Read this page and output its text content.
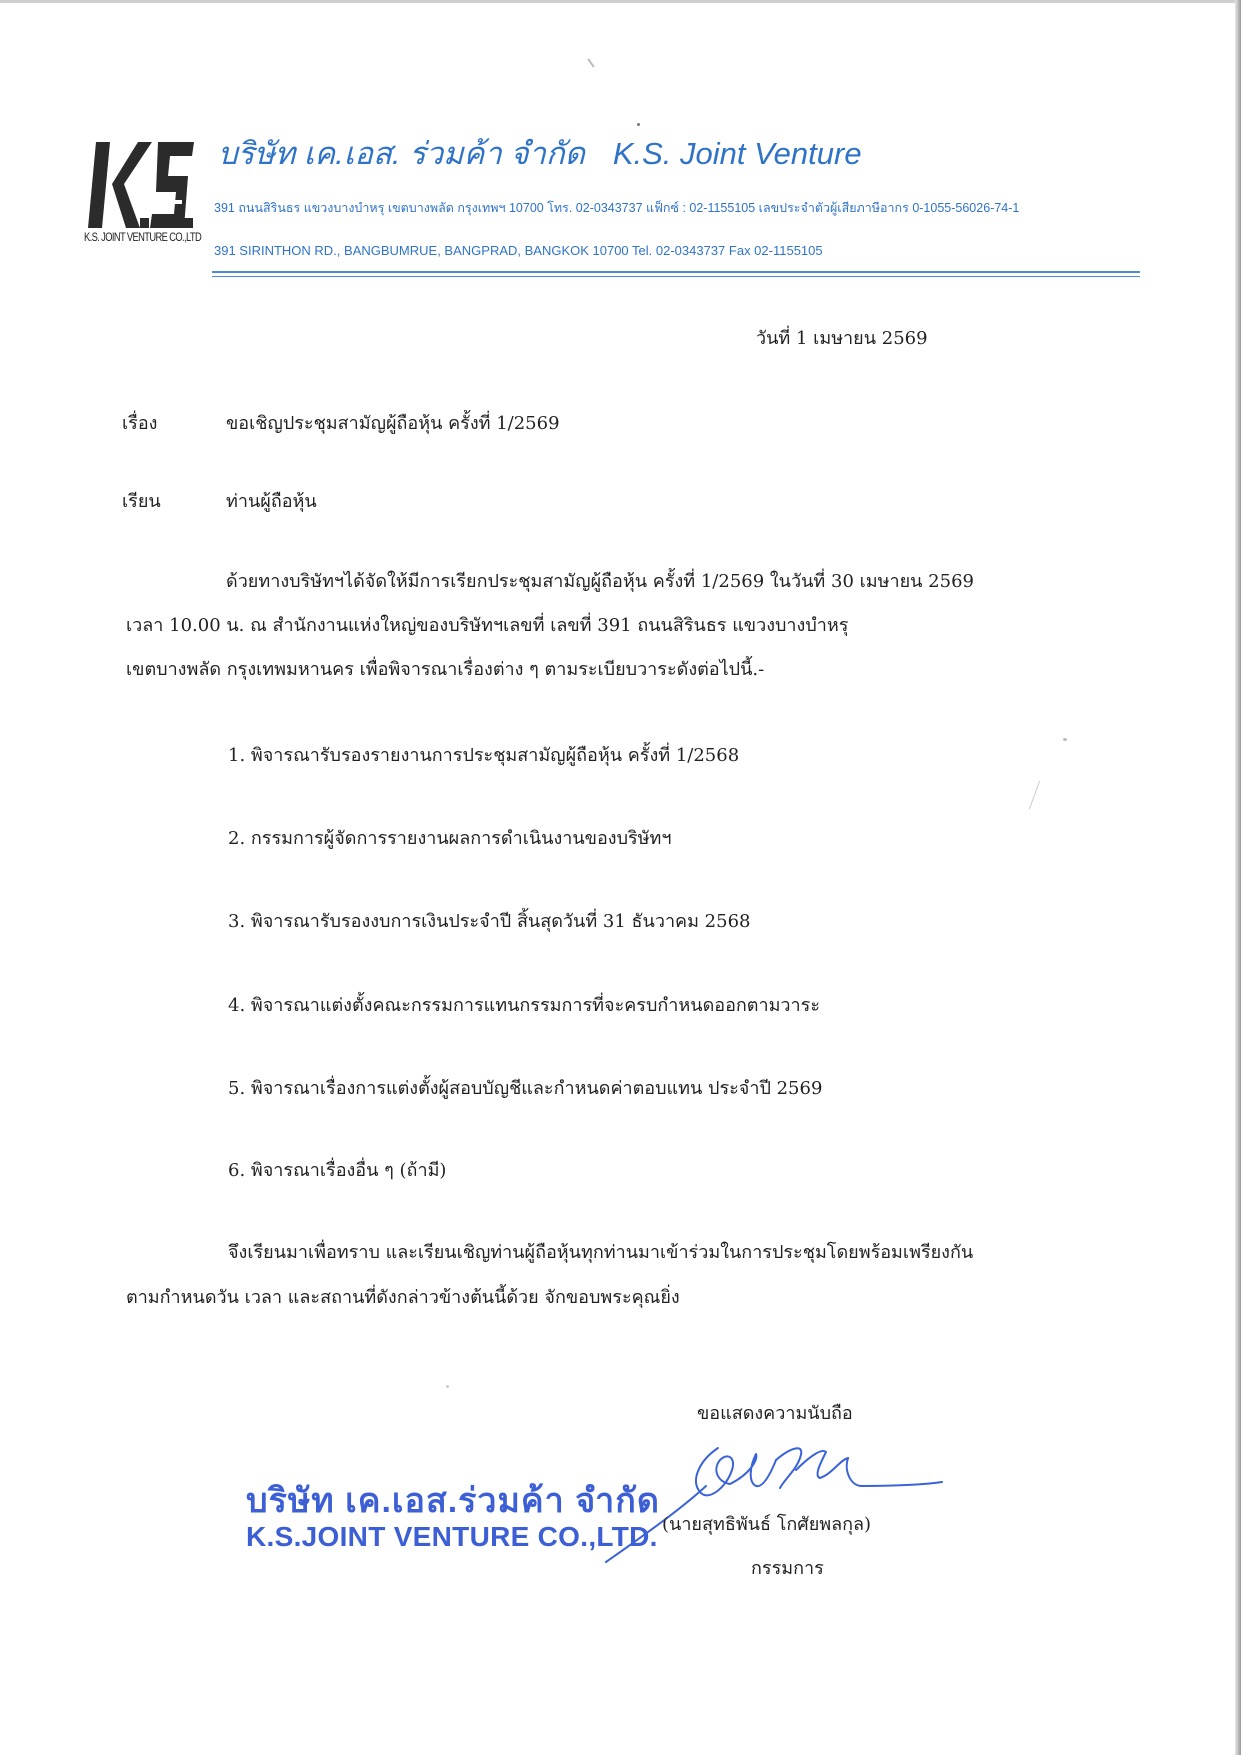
K.S. JOINT VENTURE CO.,LTD
บริษัท เค.เอส. ร่วมค้า จำกัด K.S. Joint Venture
391 ถนนสิรินธร แขวงบางบำหรุ เขตบางพลัด กรุงเทพฯ 10700 โทร. 02-0343737 แฟ็กซ์ : 02-1155105 เลขประจำตัวผู้เสียภาษีอากร 0-1055-56026-74-1
391 SIRINTHON RD., BANGBUMRUE, BANGPRAD, BANGKOK 10700 Tel. 02-0343737 Fax 02-1155105
วันที่ 1 เมษายน 2569
เรื่อง	ขอเชิญประชุมสามัญผู้ถือหุ้น ครั้งที่ 1/2569
เรียน	ท่านผู้ถือหุ้น
ด้วยทางบริษัทฯได้จัดให้มีการเรียกประชุมสามัญผู้ถือหุ้น ครั้งที่ 1/2569 ในวันที่ 30 เมษายน 2569
เวลา 10.00 น. ณ สำนักงานแห่งใหญ่ของบริษัทฯเลขที่ เลขที่ 391 ถนนสิรินธร แขวงบางบำหรุ
เขตบางพลัด กรุงเทพมหานคร เพื่อพิจารณาเรื่องต่าง ๆ ตามระเบียบวาระดังต่อไปนี้.-
1. พิจารณารับรองรายงานการประชุมสามัญผู้ถือหุ้น ครั้งที่ 1/2568
2. กรรมการผู้จัดการรายงานผลการดำเนินงานของบริษัทฯ
3. พิจารณารับรองงบการเงินประจำปี สิ้นสุดวันที่ 31 ธันวาคม 2568
4. พิจารณาแต่งตั้งคณะกรรมการแทนกรรมการที่จะครบกำหนดออกตามวาระ
5. พิจารณาเรื่องการแต่งตั้งผู้สอบบัญชีและกำหนดค่าตอบแทน ประจำปี 2569
6. พิจารณาเรื่องอื่น ๆ (ถ้ามี)
จึงเรียนมาเพื่อทราบ และเรียนเชิญท่านผู้ถือหุ้นทุกท่านมาเข้าร่วมในการประชุมโดยพร้อมเพรียงกัน
ตามกำหนดวัน เวลา และสถานที่ดังกล่าวข้างต้นนี้ด้วย จักขอบพระคุณยิ่ง
ขอแสดงความนับถือ
บริษัท เค.เอส.ร่วมค้า จำกัด
K.S.JOINT VENTURE CO.,LTD. (นายสุทธิพันธ์ โกศัยพลกุล)
กรรมการ
